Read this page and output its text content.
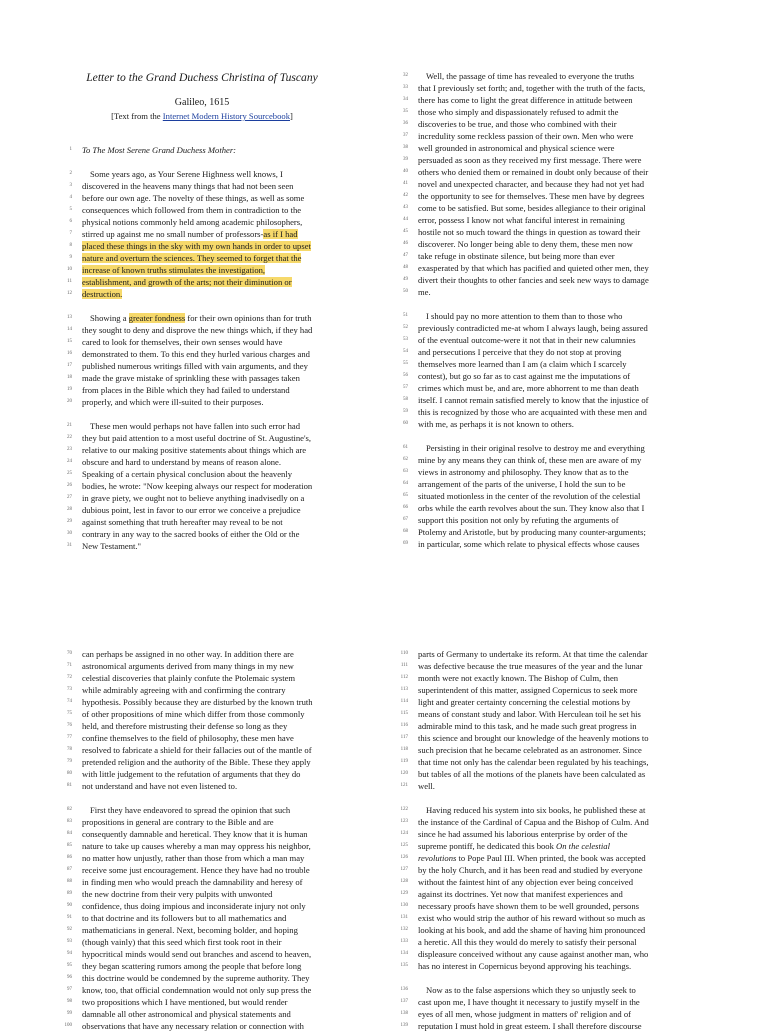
Letter to the Grand Duchess Christina of Tuscany
Galileo, 1615
[Text from the Internet Modern History Sourcebook]
1 To The Most Serene Grand Duchess Mother:
2 Some years ago, as Your Serene Highness well knows, I
3 discovered in the heavens many things that had not been seen
4 before our own age. The novelty of these things, as well as some
5 consequences which followed from them in contradiction to the
6 physical notions commonly held among academic philosophers,
7 stirred up against me no small number of professors-as if I had
8 placed these things in the sky with my own hands in order to upset
9 nature and overturn the sciences. They seemed to forget that the
10 increase of known truths stimulates the investigation,
11 establishment, and growth of the arts; not their diminution or
12 destruction.
13 Showing a greater fondness for their own opinions than for truth
14 they sought to deny and disprove the new things which, if they had
15 cared to look for themselves, their own senses would have
16 demonstrated to them. To this end they hurled various charges and
17 published numerous writings filled with vain arguments, and they
18 made the grave mistake of sprinkling these with passages taken
19 from places in the Bible which they had failed to understand
20 properly, and which were ill-suited to their purposes.
21 These men would perhaps not have fallen into such error had
22 they but paid attention to a most useful doctrine of St. Augustine's,
23 relative to our making positive statements about things which are
24 obscure and hard to understand by means of reason alone.
25 Speaking of a certain physical conclusion about the heavenly
26 bodies, he wrote: "Now keeping always our respect for moderation
27 in grave piety, we ought not to believe anything inadvisedly on a
28 dubious point, lest in favor to our error we conceive a prejudice
29 against something that truth hereafter may reveal to be not
30 contrary in any way to the sacred books of either the Old or the
31 New Testament."
32 Well, the passage of time has revealed to everyone the truths
33 that I previously set forth; and, together with the truth of the facts,
34 there has come to light the great difference in attitude between
35 those who simply and dispassionately refused to admit the
36 discoveries to be true, and those who combined with their
37 incredulity some reckless passion of their own. Men who were
38 well grounded in astronomical and physical science were
39 persuaded as soon as they received my first message. There were
40 others who denied them or remained in doubt only because of their
41 novel and unexpected character, and because they had not yet had
42 the opportunity to see for themselves. These men have by degrees
43 come to be satisfied. But some, besides allegiance to their original
44 error, possess I know not what fanciful interest in remaining
45 hostile not so much toward the things in question as toward their
46 discoverer. No longer being able to deny them, these men now
47 take refuge in obstinate silence, but being more than ever
48 exasperated by that which has pacified and quieted other men, they
49 divert their thoughts to other fancies and seek new ways to damage
50 me.
51 I should pay no more attention to them than to those who
52 previously contradicted me-at whom I always laugh, being assured
53 of the eventual outcome-were it not that in their new calumnies
54 and persecutions I perceive that they do not stop at proving
55 themselves more learned than I am (a claim which I scarcely
56 contest), but go so far as to cast against me the imputations of
57 crimes which must be, and are, more abhorrent to me than death
58 itself. I cannot remain satisfied merely to know that the injustice of
59 this is recognized by those who are acquainted with these men and
60 with me, as perhaps it is not known to others.
61 Persisting in their original resolve to destroy me and everything
62 mine by any means they can think of, these men are aware of my
63 views in astronomy and philosophy. They know that as to the
64 arrangement of the parts of the universe, I hold the sun to be
65 situated motionless in the center of the revolution of the celestial
66 orbs while the earth revolves about the sun. They know also that I
67 support this position not only by refuting the arguments of
68 Ptolemy and Aristotle, but by producing many counter-arguments;
69 in particular, some which relate to physical effects whose causes
70 can perhaps be assigned in no other way. In addition there are
71 astronomical arguments derived from many things in my new
72 celestial discoveries that plainly confute the Ptolemaic system
73 while admirably agreeing with and confirming the contrary
74 hypothesis. Possibly because they are disturbed by the known truth
75 of other propositions of mine which differ from those commonly
76 held, and therefore mistrusting their defense so long as they
77 confine themselves to the field of philosophy, these men have
78 resolved to fabricate a shield for their fallacies out of the mantle of
79 pretended religion and the authority of the Bible. These they apply
80 with little judgement to the refutation of arguments that they do
81 not understand and have not even listened to.
82 First they have endeavored to spread the opinion that such
83 propositions in general are contrary to the Bible and are
84 consequently damnable and heretical. They know that it is human
85 nature to take up causes whereby a man may oppress his neighbor,
86 no matter how unjustly, rather than those from which a man may
87 receive some just encouragement. Hence they have had no trouble
88 in finding men who would preach the damnability and heresy of
89 the new doctrine from their very pulpits with unwonted
90 confidence, thus doing impious and inconsiderate injury not only
91 to that doctrine and its followers but to all mathematics and
92 mathematicians in general. Next, becoming bolder, and hoping
93 (though vainly) that this seed which first took root in their
94 hypocritical minds would send out branches and ascend to heaven,
95 they began scattering rumors among the people that before long
96 this doctrine would be condemned by the supreme authority. They
97 know, too, that official condemnation would not only sup press the
98 two propositions which I have mentioned, but would render
99 damnable all other astronomical and physical statements and
100 observations that have any necessary relation or connection with
110 parts of Germany to undertake its reform. At that time the calendar
111 was defective because the true measures of the year and the lunar
112 month were not exactly known. The Bishop of Culm, then
113 superintendent of this matter, assigned Copernicus to seek more
114 light and greater certainty concerning the celestial motions by
115 means of constant study and labor. With Herculean toil he set his
116 admirable mind to this task, and he made such great progress in
117 this science and brought our knowledge of the heavenly motions to
118 such precision that he became celebrated as an astronomer. Since
119 that time not only has the calendar been regulated by his teachings,
120 but tables of all the motions of the planets have been calculated as
121 well.
122 Having reduced his system into six books, he published these at
123 the instance of the Cardinal of Capua and the Bishop of Culm. And
124 since he had assumed his laborious enterprise by order of the
125 supreme pontiff, he dedicated this book On the celestial
126 revolutions to Pope Paul III. When printed, the book was accepted
127 by the holy Church, and it has been read and studied by everyone
128 without the faintest hint of any objection ever being conceived
129 against its doctrines. Yet now that manifest experiences and
130 necessary proofs have shown them to be well grounded, persons
131 exist who would strip the author of his reward without so much as
132 looking at his book, and add the shame of having him pronounced
133 a heretic. All this they would do merely to satisfy their personal
134 displeasure conceived without any cause against another man, who
135 has no interest in Copernicus beyond approving his teachings.
136 Now as to the false aspersions which they so unjustly seek to
137 cast upon me, I have thought it necessary to justify myself in the
138 eyes of all men, whose judgment in matters of' religion and of
139 reputation I must hold in great esteem. I shall therefore discourse
